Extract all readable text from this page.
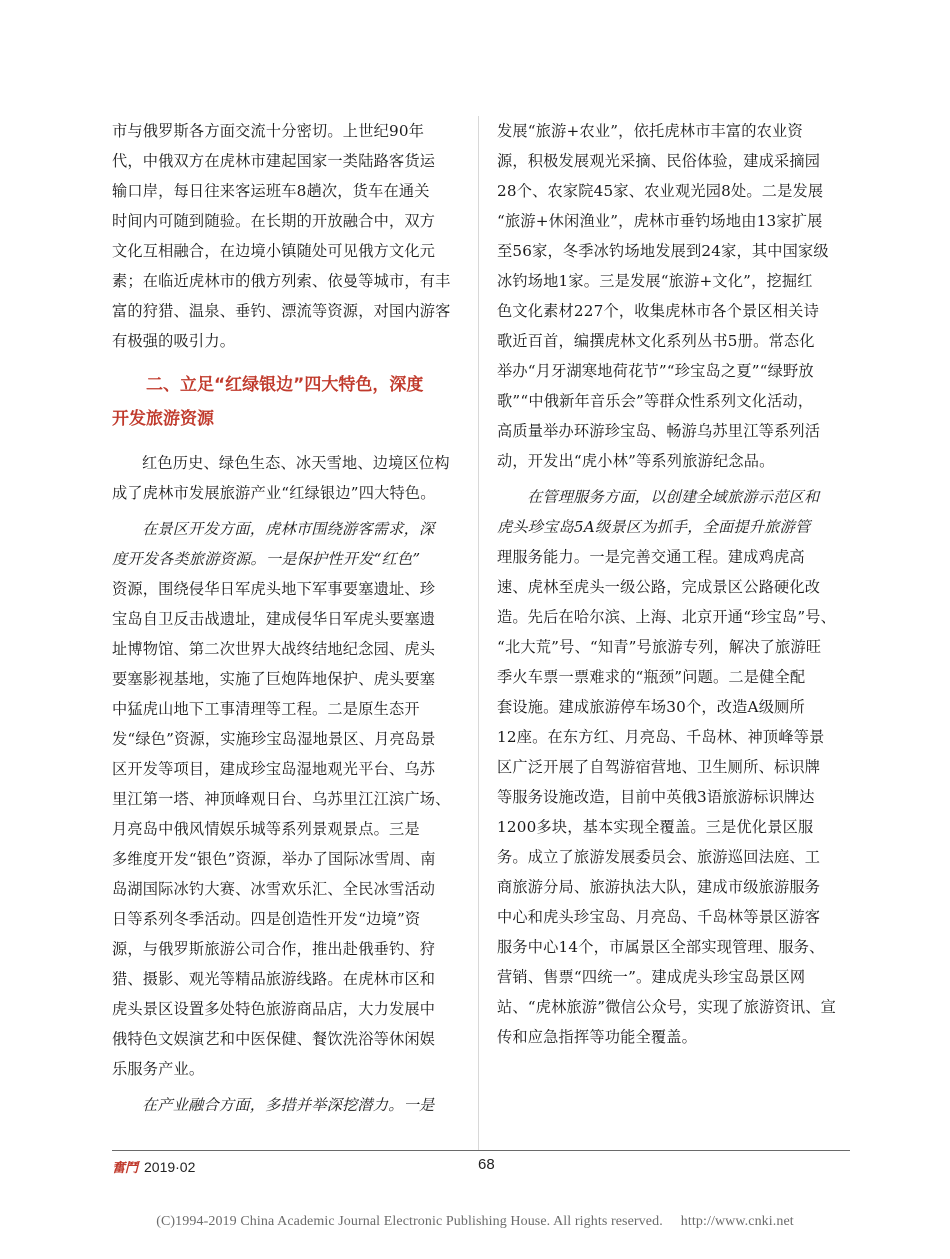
市与俄罗斯各方面交流十分密切。上世纪90年
代，中俄双方在虎林市建起国家一类陆路客货运
输口岸，每日往来客运班车8趟次，货车在通关
时间内可随到随验。在长期的开放融合中，双方
文化互相融合，在边境小镇随处可见俄方文化元
素；在临近虎林市的俄方列索、依曼等城市，有丰
富的狩猎、温泉、垂钓、漂流等资源，对国内游客
有极强的吸引力。
二、立足“红绿银边”四大特色，深度
开发旅游资源
红色历史、绿色生态、冰天雪地、边境区位构
成了虎林市发展旅游产业“红绿银边”四大特色。
在景区开发方面，虎林市围绕游客需求，深
度开发各类旅游资源。一是保护性开发“红色”
资源，围绕侵华日军虎头地下军事要塞遗址、珍
宝岛自卫反击战遗址，建成侵华日军虎头要塞遗
址博物馆、第二次世界大战终结地纪念园、虎头
要塞影视基地，实施了巨炮阵地保护、虎头要塞
中猛虎山地下工事清理等工程。二是原生态开
发“绿色”资源，实施珍宝岛湿地景区、月亮岛景
区开发等项目，建成珍宝岛湿地观光平台、乌苏
里江第一塔、神顶峰观日台、乌苏里江江滨广场、
月亮岛中俄风情娱乐城等系列景观景点。三是
多维度开发“银色”资源，举办了国际冰雪周、南
岛湖国际冰钓大赛、冰雪欢乐汇、全民冰雪活动
日等系列冬季活动。四是创造性开发“边境”资
源，与俄罗斯旅游公司合作，推出赴俄垂钓、狩
猎、摄影、观光等精品旅游线路。在虎林市区和
虎头景区设置多处特色旅游商品店，大力发展中
俄特色文娱演艺和中医保健、餐饮洗浴等休闲娱
乐服务产业。
在产业融合方面，多措并举深挖潜力。一是
发展“旅游+农业”，依托虎林市丰富的农业资
源，积极发展观光采摘、民俗体验，建成采摘园
28个、农家院45家、农业观光园8处。二是发展
“旅游+休闲渔业”，虎林市垂钓场地由13家扩展
至56家，冬季冰钓场地发展到24家，其中国家级
冰钓场地1家。三是发展“旅游+文化”，挖掘红
色文化素材227个，收集虎林市各个景区相关诗
歌近百首，编撰虎林文化系列丛书5册。常态化
举办“月牙湖寒地荷花节”“珍宝岛之夏”“绿野放
歌”“中俄新年音乐会”等群众性系列文化活动，
高质量举办环游珍宝岛、畅游乌苏里江等系列活
动，开发出“虎小林”等系列旅游纪念品。
在管理服务方面，以创建全域旅游示范区和
虎头珍宝岛5A级景区为抓手，全面提升旅游管
理服务能力。一是完善交通工程。建成鸡虎高
速、虎林至虎头一级公路，完成景区公路硬化改
造。先后在哈尔滨、上海、北京开通“珍宝岛”号、
“北大荒”号、“知青”号旅游专列，解决了旅游旺
季火车票一票难求的“瓶颈”问题。二是健全配
套设施。建成旅游停车场30个，改造A级厕所
12座。在东方红、月亮岛、千岛林、神顶峰等景
区广泛开展了自驾游宿营地、卫生厕所、标识牌
等服务设施改造，目前中英俄3语旅游标识牌达
1200多块，基本实现全覆盖。三是优化景区服
务。成立了旅游发展委员会、旅游巡回法庭、工
商旅游分局、旅游执法大队，建成市级旅游服务
中心和虎头珍宝岛、月亮岛、千岛林等景区游客
服务中心14个，市属景区全部实现管理、服务、
营销、售票“四统一”。建成虎头珍宝岛景区网
站、“虎林旅游”微信公众号，实现了旅游资讯、宣
传和应急指挥等功能全覆盖。
奮鬥 2019·02	68
(C)1994-2019 China Academic Journal Electronic Publishing House. All rights reserved. http://www.cnki.net
